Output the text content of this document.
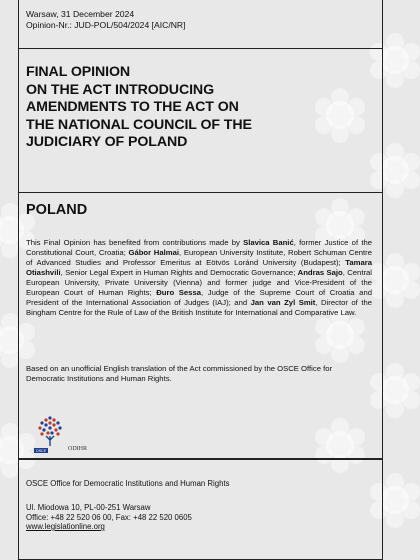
Warsaw, 31 December 2024
Opinion-Nr.: JUD-POL/504/2024 [AIC/NR]
FINAL OPINION
ON THE ACT INTRODUCING
AMENDMENTS TO THE ACT ON
THE NATIONAL COUNCIL OF THE
JUDICIARY OF POLAND
POLAND

This Final Opinion has benefited from contributions made by Slavica Banić, former Justice of the Constitutional Court, Croatia; Gábor Halmai, European University Institute, Robert Schuman Centre of Advanced Studies and Professor Emeritus at Eötvös Loránd University (Budapest); Tamara Otiashvili, Senior Legal Expert in Human Rights and Democratic Governance; Andras Sajo, Central European University, Private University (Vienna) and former judge and Vice-President of the European Court of Human Rights; Đuro Sessa, Judge of the Supreme Court of Croatia and President of the International Association of Judges (IAJ); and Jan van Zyl Smit, Director of the Bingham Centre for the Rule of Law of the British Institute for International and Comparative Law.

Based on an unofficial English translation of the Act commissioned by the OSCE Office for Democratic Institutions and Human Rights.

OSCE	ODIHR
OSCE Office for Democratic Institutions and Human Rights
Ul. Miodowa 10, PL-00-251 Warsaw
Office: +48 22 520 06 00, Fax: +48 22 520 0605
www.legislationline.org
